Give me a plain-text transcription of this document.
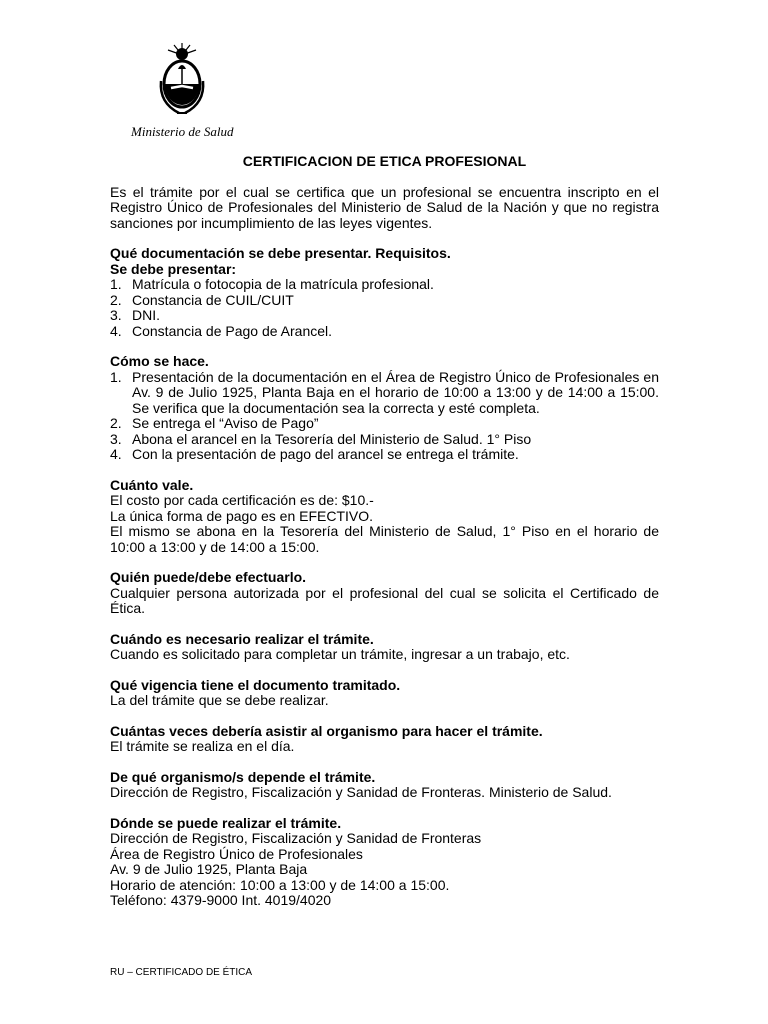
Ministerio de Salud

CERTIFICACION DE ETICA PROFESIONAL

Es el trámite por el cual se certifica que un profesional se encuentra inscripto en el Registro Único de Profesionales del Ministerio de Salud de la Nación y que no registra sanciones por incumplimiento de las leyes vigentes.

Qué documentación se debe presentar. Requisitos.

Se debe presentar:

1. Matrícula o fotocopia de la matrícula profesional.
2. Constancia de CUIL/CUIT
3. DNI.
4. Constancia de Pago de Arancel.

Cómo se hace.

1. Presentación de la documentación en el Área de Registro Único de Profesionales en Av. 9 de Julio 1925, Planta Baja en el horario de 10:00 a 13:00 y de 14:00 a 15:00. Se verifica que la documentación sea la correcta y esté completa.
2. Se entrega el “Aviso de Pago”
3. Abona el arancel en la Tesorería del Ministerio de Salud. 1° Piso
4. Con la presentación de pago del arancel se entrega el trámite.

Cuánto vale.

El costo por cada certificación es de: $10.-

La única forma de pago es en EFECTIVO.

El mismo se abona en la Tesorería del Ministerio de Salud, 1° Piso en el horario de 10:00 a 13:00 y de 14:00 a 15:00.

Quién puede/debe efectuarlo.

Cualquier persona autorizada por el profesional del cual se solicita el Certificado de Ética.

Cuándo es necesario realizar el trámite.

Cuando es solicitado para completar un trámite, ingresar a un trabajo, etc.

Qué vigencia tiene el documento tramitado.

La del trámite que se debe realizar.

Cuántas veces debería asistir al organismo para hacer el trámite.

El trámite se realiza en el día.

De qué organismo/s depende el trámite.

Dirección de Registro, Fiscalización y Sanidad de Fronteras. Ministerio de Salud.

Dónde se puede realizar el trámite.

Dirección de Registro, Fiscalización y Sanidad de Fronteras

Área de Registro Único de Profesionales

Av. 9 de Julio 1925, Planta Baja

Horario de atención: 10:00 a 13:00 y de 14:00 a 15:00.

Teléfono: 4379-9000 Int. 4019/4020

RU – CERTIFICADO DE ÉTICA
